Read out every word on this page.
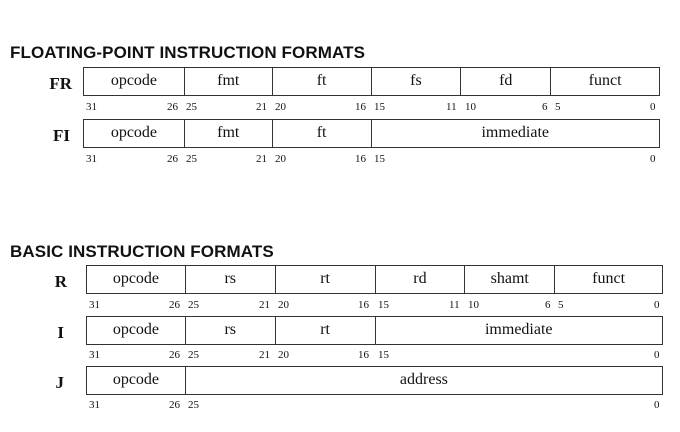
FLOATING-POINT INSTRUCTION FORMATS
FR	opcode	fmt	ft	fs	fd	funct
31	26 25	21 20	16 15	11 10	6 5	0
FI	opcode	fmt	ft	immediate
31	26 25	21 20	16 15	0
BASIC INSTRUCTION FORMATS
R	opcode	rs	rt	rd	shamt	funct
31	26 25	21 20	16 15	11 10	6 5	0
I	opcode	rs	rt	immediate
31	26 25	21 20	16 15	0
J	opcode	address
31	26 25	0
